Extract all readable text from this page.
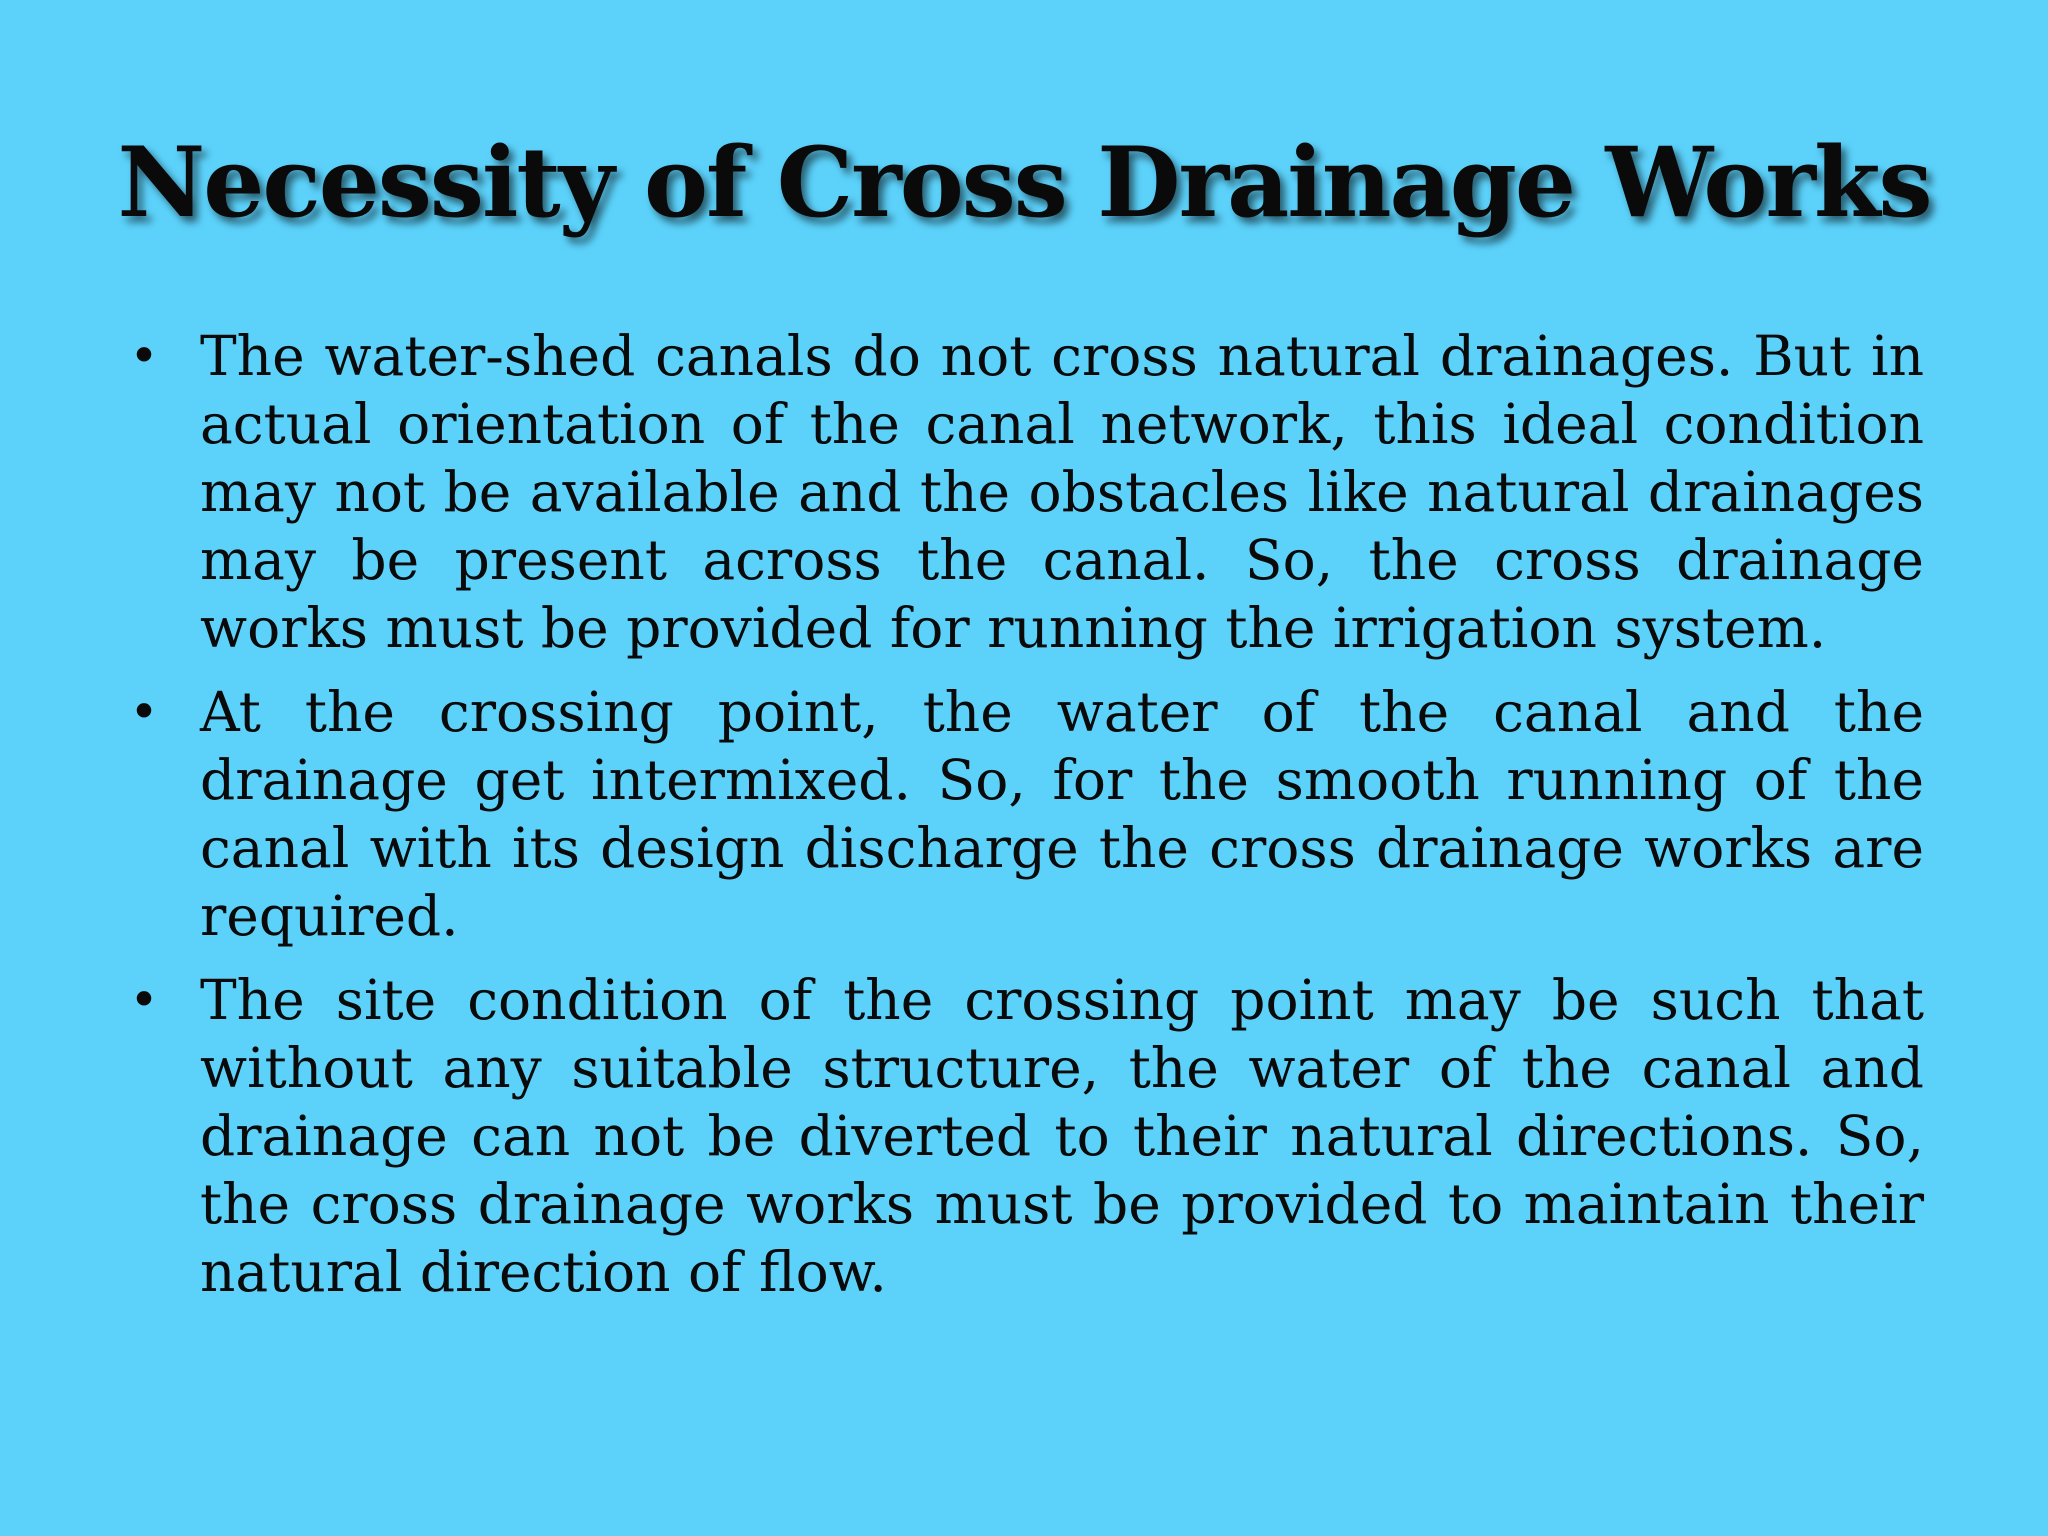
Necessity of Cross Drainage Works
• The water-shed canals do not cross natural drainages. But in actual orientation of the canal network, this ideal condition may not be available and the obstacles like natural drainages may be present across the canal. So, the cross drainage works must be provided for running the irrigation system.
• At the crossing point, the water of the canal and the drainage get intermixed. So, for the smooth running of the canal with its design discharge the cross drainage works are required.
• The site condition of the crossing point may be such that without any suitable structure, the water of the canal and drainage can not be diverted to their natural directions. So, the cross drainage works must be provided to maintain their natural direction of flow.
